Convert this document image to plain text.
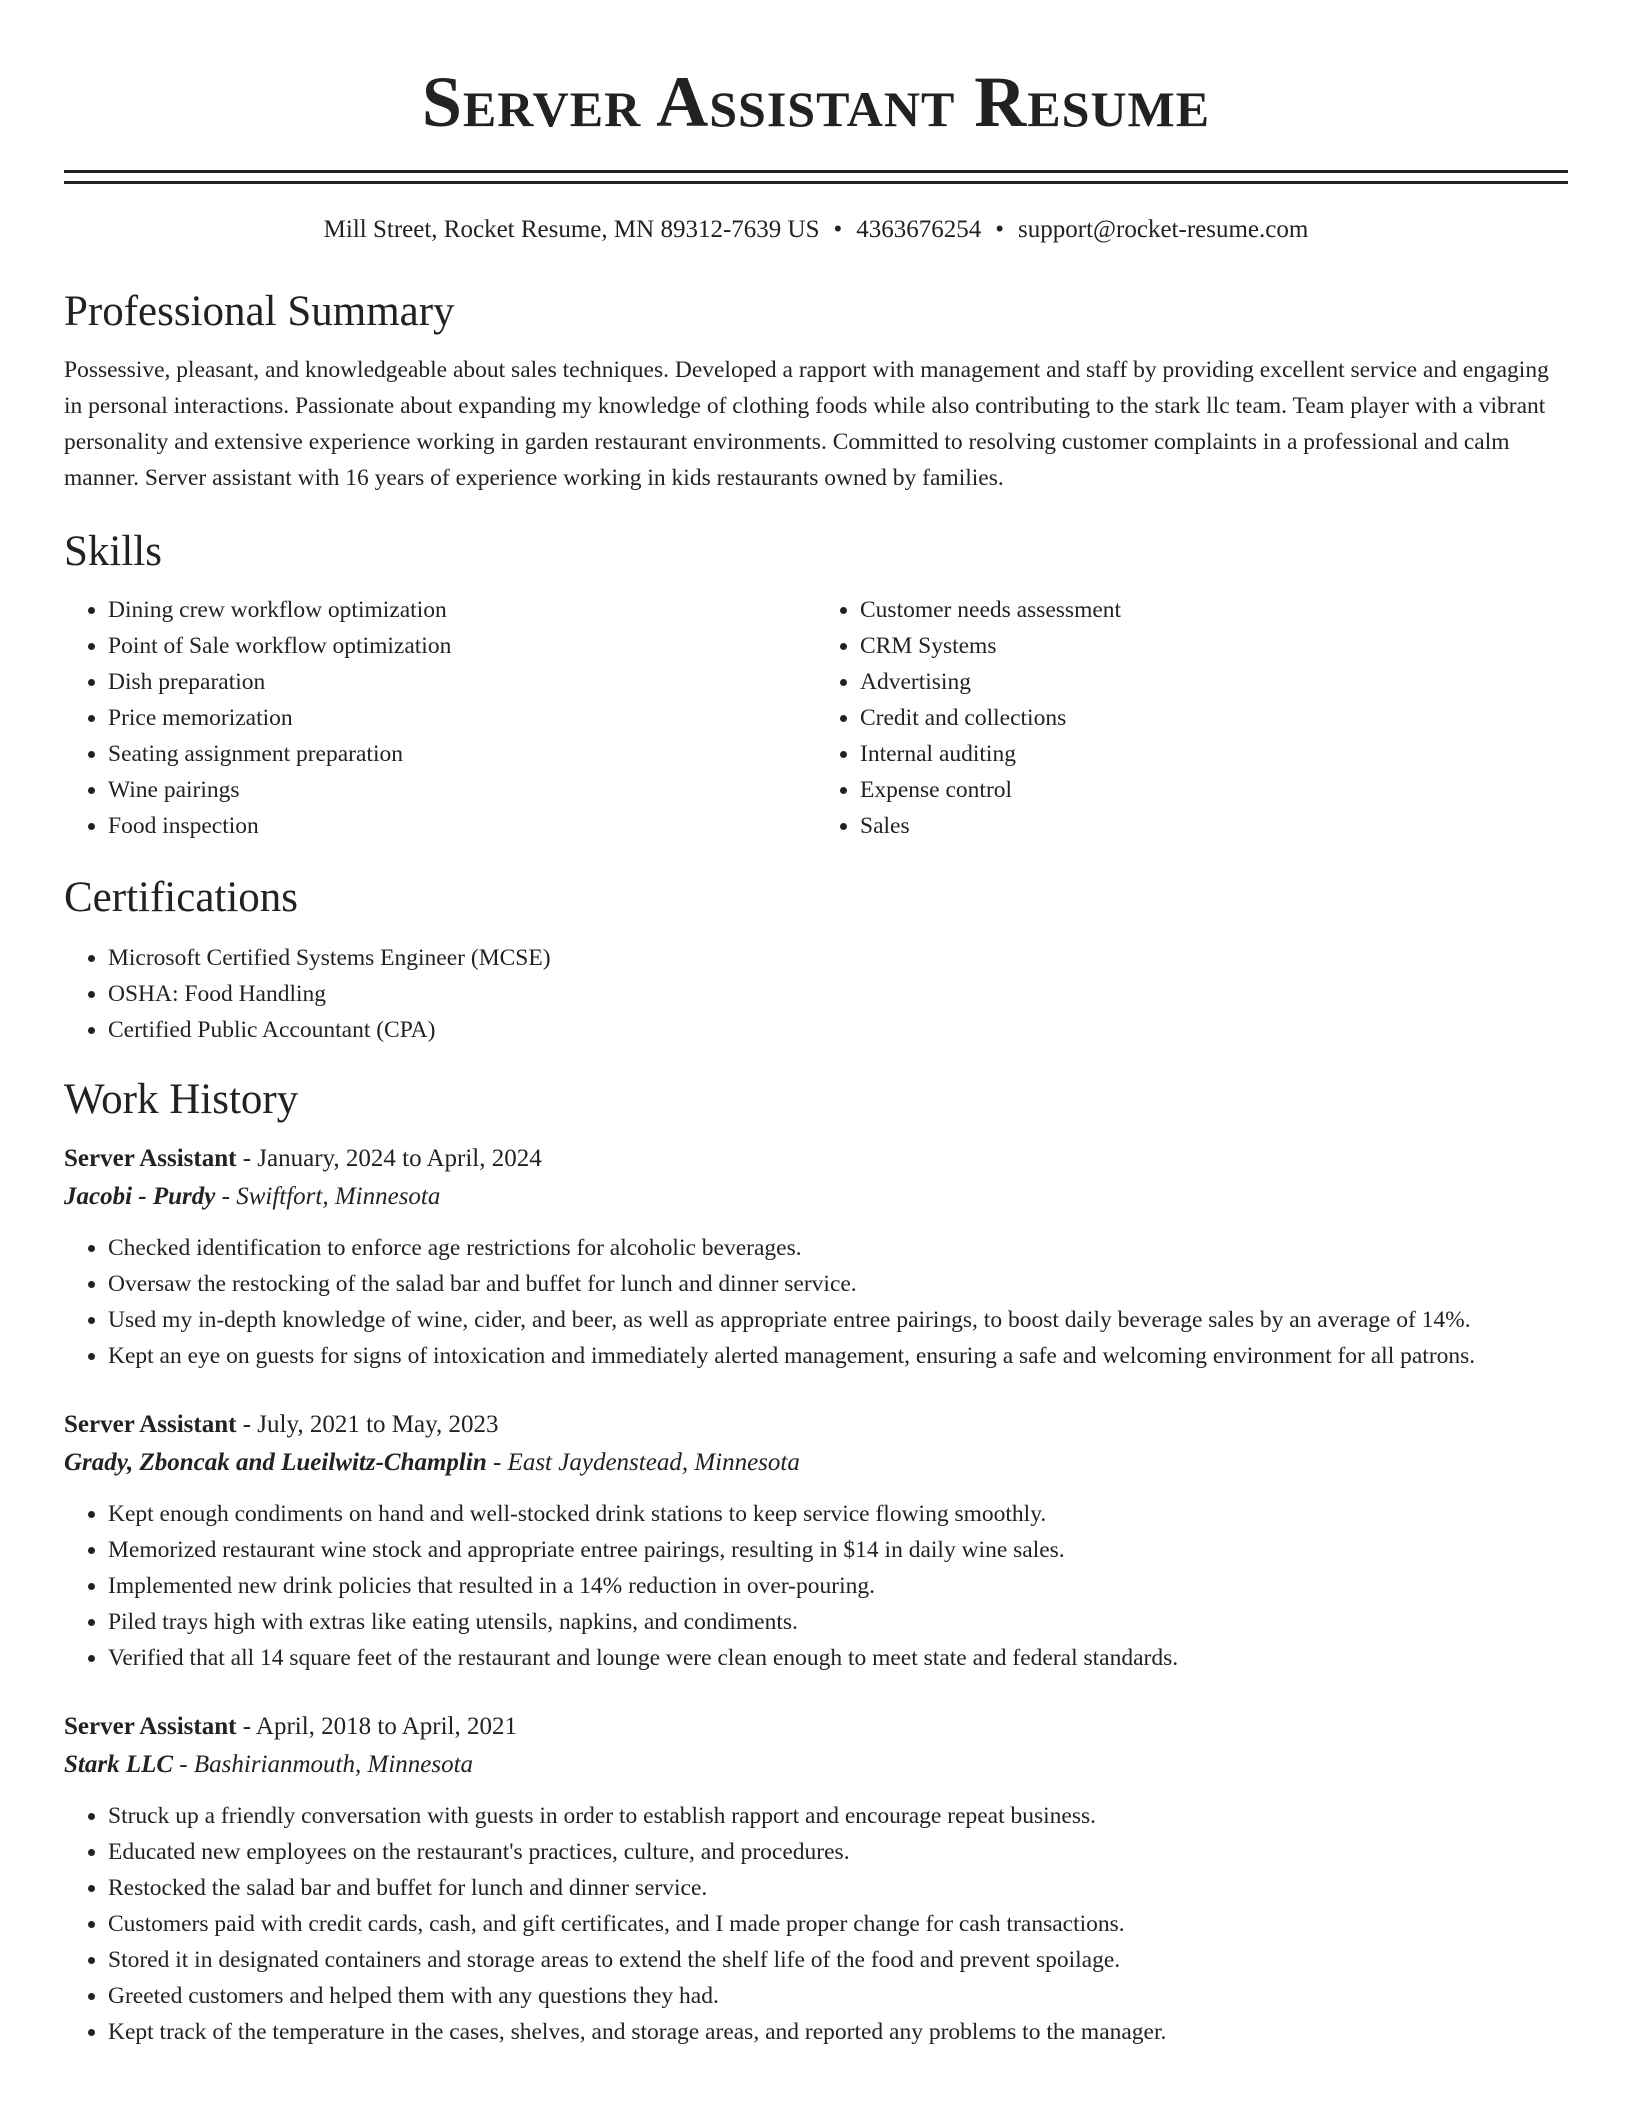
Server Assistant Resume
Mill Street, Rocket Resume, MN 89312-7639 US • 4363676254 • support@rocket-resume.com
Professional Summary

Possessive, pleasant, and knowledgeable about sales techniques. Developed a rapport with management and staff by providing excellent service and engaging in personal interactions. Passionate about expanding my knowledge of clothing foods while also contributing to the stark llc team. Team player with a vibrant personality and extensive experience working in garden restaurant environments. Committed to resolving customer complaints in a professional and calm manner. Server assistant with 16 years of experience working in kids restaurants owned by families.

Skills
• Dining crew workflow optimization
• Point of Sale workflow optimization
• Dish preparation
• Price memorization
• Seating assignment preparation
• Wine pairings
• Food inspection
• Customer needs assessment
• CRM Systems
• Advertising
• Credit and collections
• Internal auditing
• Expense control
• Sales
Certifications
• Microsoft Certified Systems Engineer (MCSE)
• OSHA: Food Handling
• Certified Public Accountant (CPA)
Work History
Server Assistant - January, 2024 to April, 2024
Jacobi - Purdy - Swiftfort, Minnesota
• Checked identification to enforce age restrictions for alcoholic beverages.
• Oversaw the restocking of the salad bar and buffet for lunch and dinner service.
• Used my in-depth knowledge of wine, cider, and beer, as well as appropriate entree pairings, to boost daily beverage sales by an average of 14%.
• Kept an eye on guests for signs of intoxication and immediately alerted management, ensuring a safe and welcoming environment for all patrons.
Server Assistant - July, 2021 to May, 2023
Grady, Zboncak and Lueilwitz-Champlin - East Jaydenstead, Minnesota
• Kept enough condiments on hand and well-stocked drink stations to keep service flowing smoothly.
• Memorized restaurant wine stock and appropriate entree pairings, resulting in $14 in daily wine sales.
• Implemented new drink policies that resulted in a 14% reduction in over-pouring.
• Piled trays high with extras like eating utensils, napkins, and condiments.
• Verified that all 14 square feet of the restaurant and lounge were clean enough to meet state and federal standards.
Server Assistant - April, 2018 to April, 2021
Stark LLC - Bashirianmouth, Minnesota
• Struck up a friendly conversation with guests in order to establish rapport and encourage repeat business.
• Educated new employees on the restaurant's practices, culture, and procedures.
• Restocked the salad bar and buffet for lunch and dinner service.
• Customers paid with credit cards, cash, and gift certificates, and I made proper change for cash transactions.
• Stored it in designated containers and storage areas to extend the shelf life of the food and prevent spoilage.
• Greeted customers and helped them with any questions they had.
• Kept track of the temperature in the cases, shelves, and storage areas, and reported any problems to the manager.
